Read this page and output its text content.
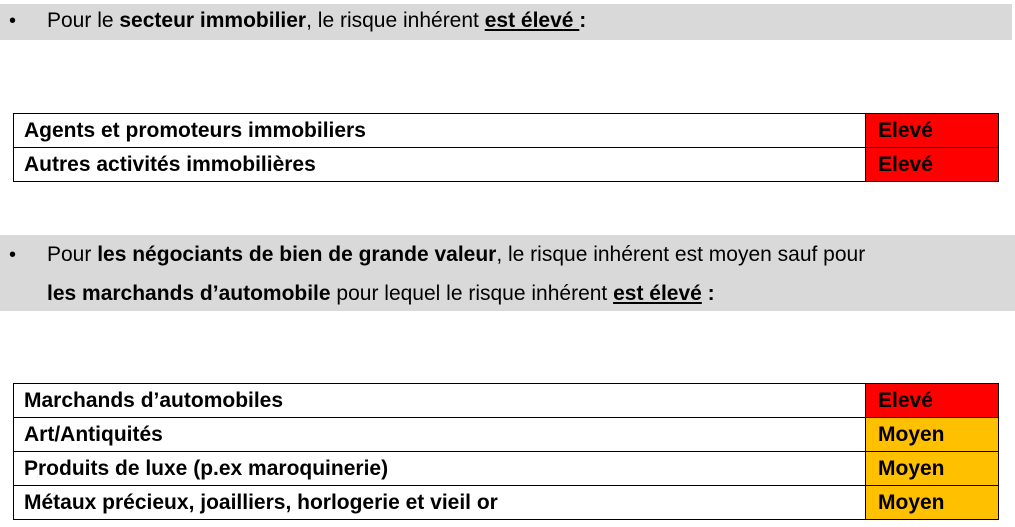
• Pour le secteur immobilier, le risque inhérent est élevé :
Agents et promoteurs immobiliers	Elevé
Autres activités immobilières	Elevé
• Pour les négociants de bien de grande valeur, le risque inhérent est moyen sauf pour
les marchands d’automobile pour lequel le risque inhérent est élevé :
Marchands d’automobiles	Elevé
Art/Antiquités	Moyen
Produits de luxe (p.ex maroquinerie)	Moyen
Métaux précieux, joailliers, horlogerie et vieil or	Moyen
